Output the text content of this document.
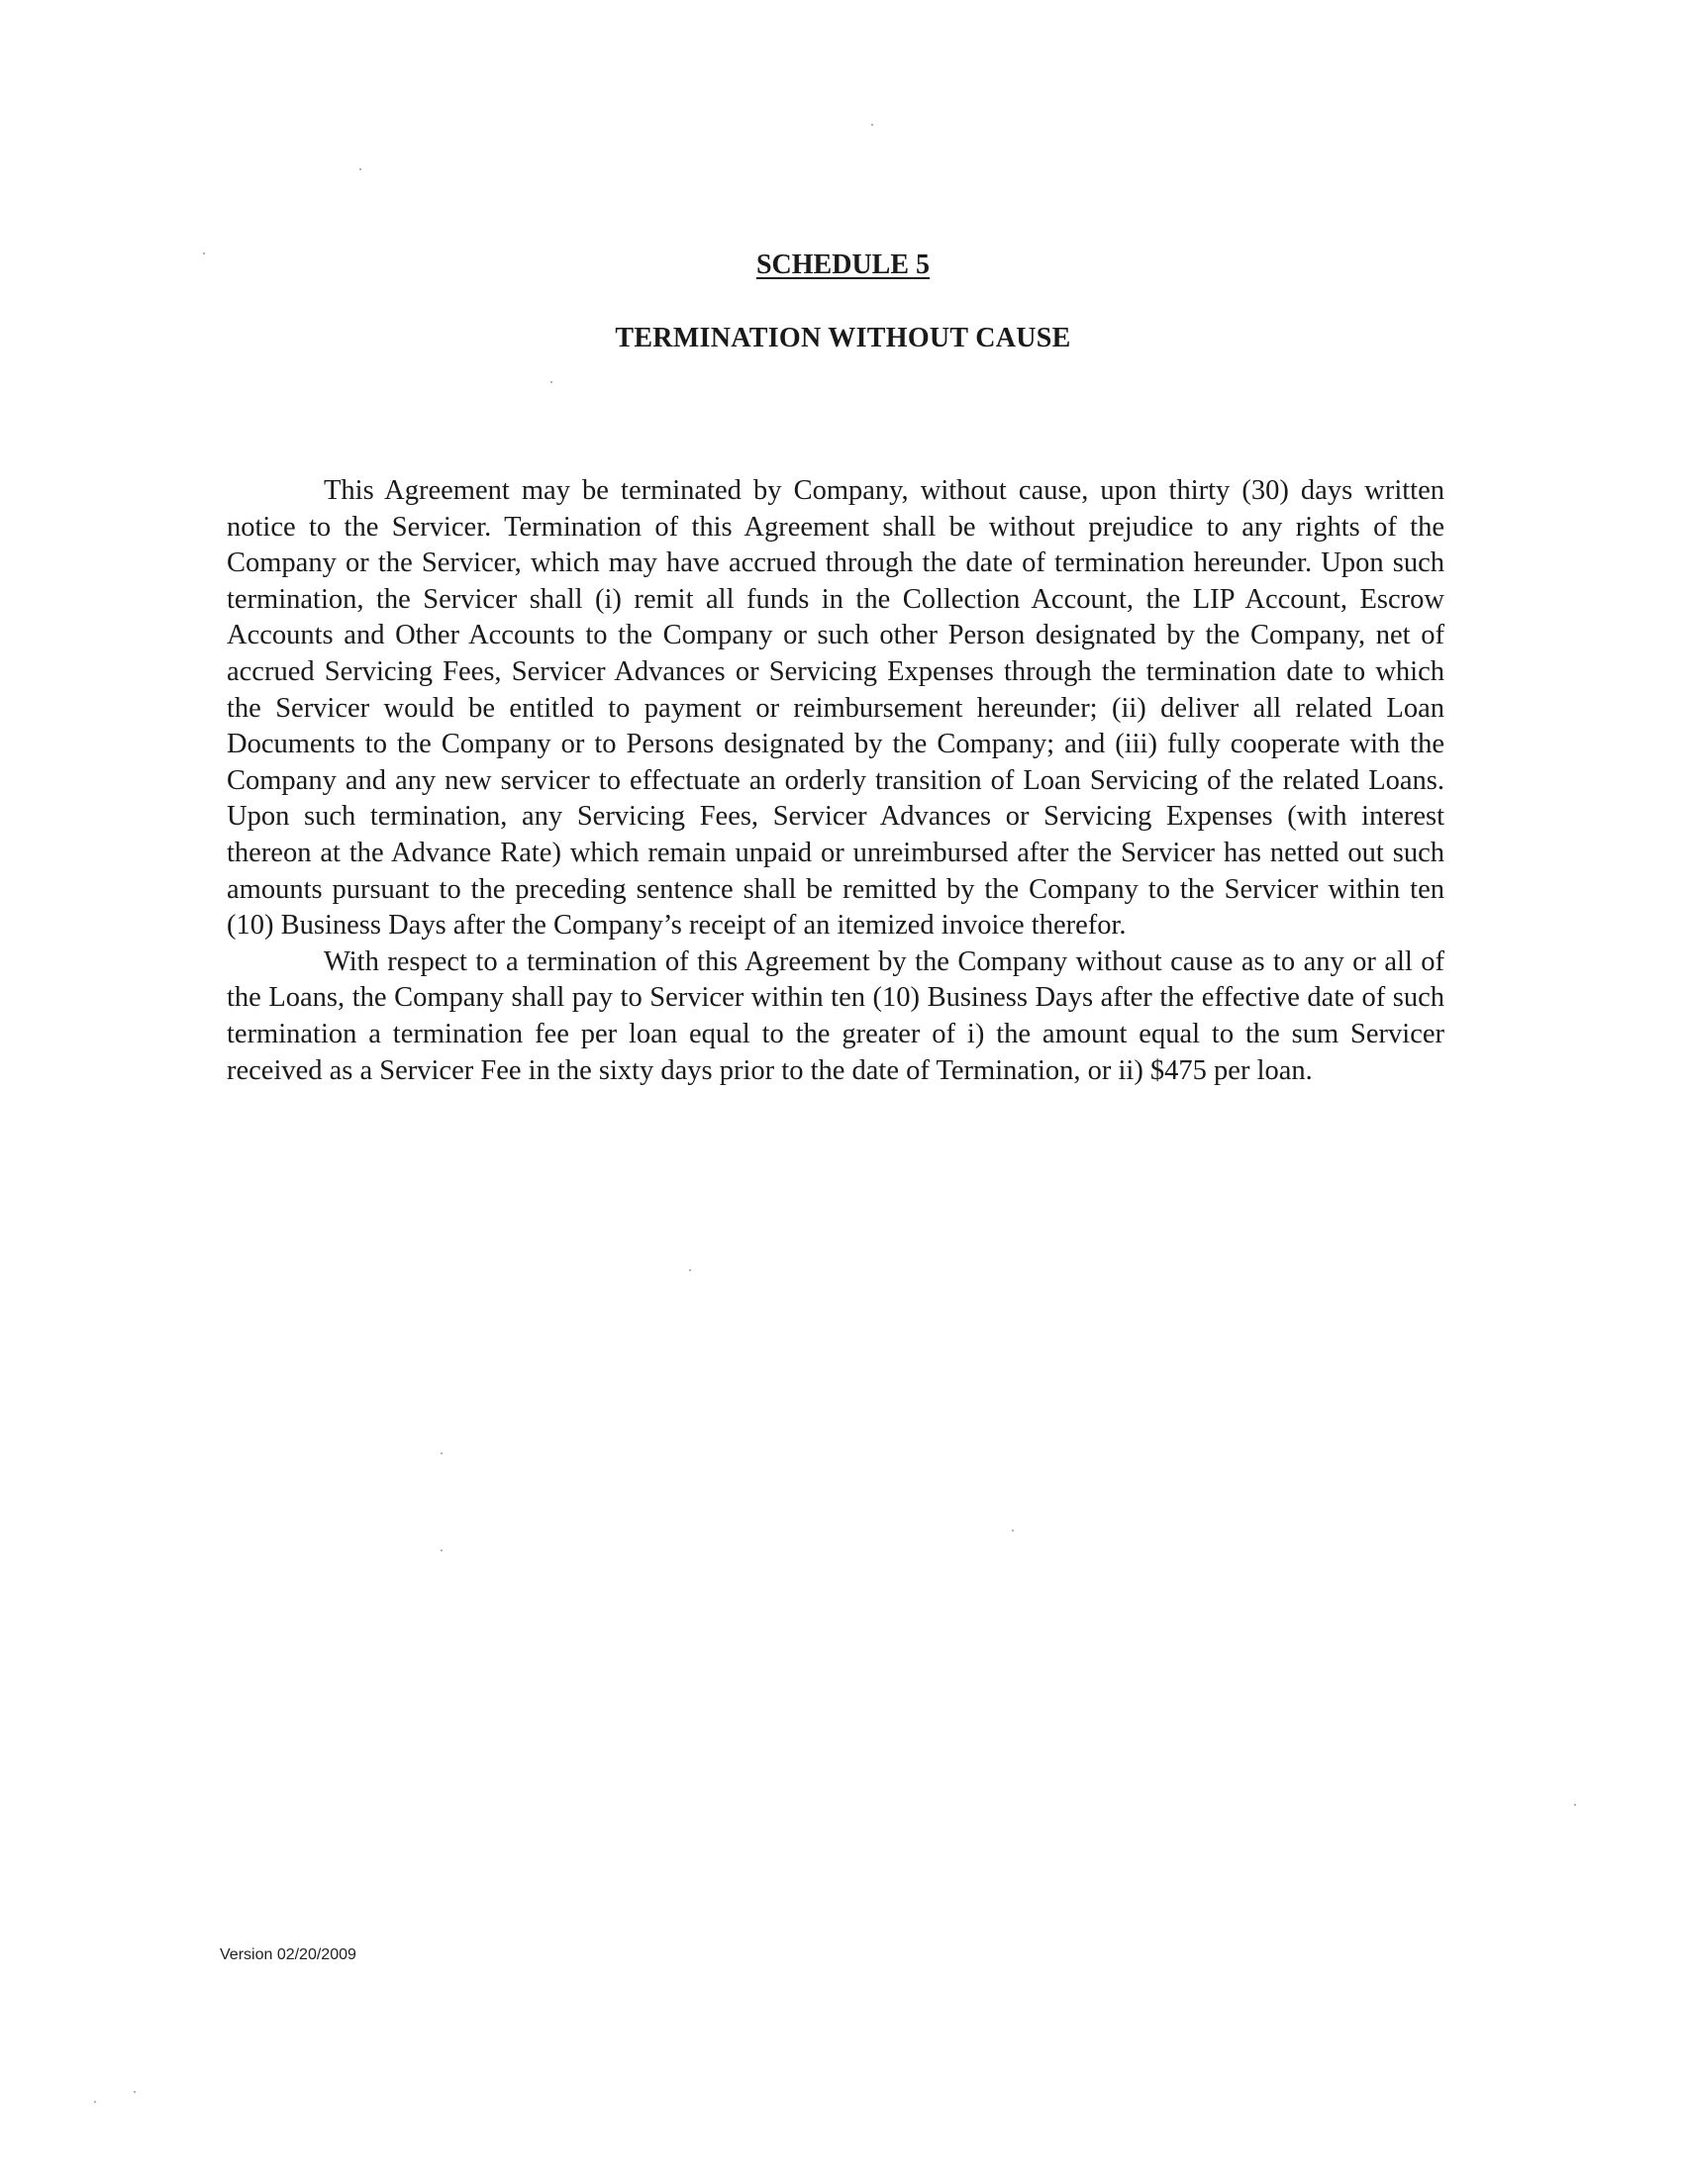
SCHEDULE 5
TERMINATION WITHOUT CAUSE

This Agreement may be terminated by Company, without cause, upon thirty (30) days written notice to the Servicer. Termination of this Agreement shall be without prejudice to any rights of the Company or the Servicer, which may have accrued through the date of termination hereunder. Upon such termination, the Servicer shall (i) remit all funds in the Collection Account, the LIP Account, Escrow Accounts and Other Accounts to the Company or such other Person designated by the Company, net of accrued Servicing Fees, Servicer Advances or Servicing Expenses through the termination date to which the Servicer would be entitled to payment or reimbursement hereunder; (ii) deliver all related Loan Documents to the Company or to Persons designated by the Company; and (iii) fully cooperate with the Company and any new servicer to effectuate an orderly transition of Loan Servicing of the related Loans. Upon such termination, any Servicing Fees, Servicer Advances or Servicing Expenses (with interest thereon at the Advance Rate) which remain unpaid or unreimbursed after the Servicer has netted out such amounts pursuant to the preceding sentence shall be remitted by the Company to the Servicer within ten (10) Business Days after the Company’s receipt of an itemized invoice therefor.

With respect to a termination of this Agreement by the Company without cause as to any or all of the Loans, the Company shall pay to Servicer within ten (10) Business Days after the effective date of such termination a termination fee per loan equal to the greater of i) the amount equal to the sum Servicer received as a Servicer Fee in the sixty days prior to the date of Termination, or ii) $475 per loan.

Version 02/20/2009
